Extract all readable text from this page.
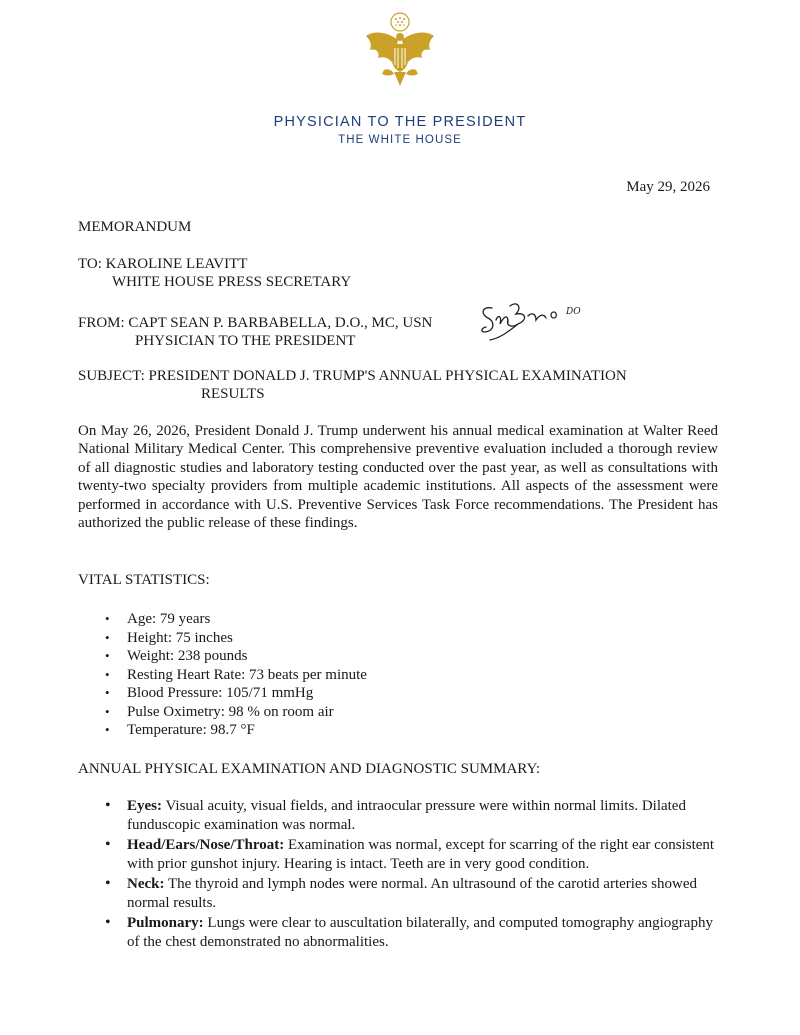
PHYSICIAN TO THE PRESIDENT
THE WHITE HOUSE
May 29, 2026
MEMORANDUM
TO: KAROLINE LEAVITT
WHITE HOUSE PRESS SECRETARY
FROM: CAPT SEAN P. BARBABELLA, D.O., MC, USN
PHYSICIAN TO THE PRESIDENT
DO
SUBJECT: PRESIDENT DONALD J. TRUMP'S ANNUAL PHYSICAL EXAMINATION
RESULTS
On May 26, 2026, President Donald J. Trump underwent his annual medical examination at Walter Reed National Military Medical Center. This comprehensive preventive evaluation included a thorough review of all diagnostic studies and laboratory testing conducted over the past year, as well as consultations with twenty-two specialty providers from multiple academic institutions. All aspects of the assessment were performed in accordance with U.S. Preventive Services Task Force recommendations. The President has authorized the public release of these findings.
VITAL STATISTICS:
• Age: 79 years
• Height: 75 inches
• Weight: 238 pounds
• Resting Heart Rate: 73 beats per minute
• Blood Pressure: 105/71 mmHg
• Pulse Oximetry: 98 % on room air
• Temperature: 98.7 °F
ANNUAL PHYSICAL EXAMINATION AND DIAGNOSTIC SUMMARY:
• Eyes: Visual acuity, visual fields, and intraocular pressure were within normal limits. Dilated funduscopic examination was normal.
• Head/Ears/Nose/Throat: Examination was normal, except for scarring of the right ear consistent with prior gunshot injury. Hearing is intact. Teeth are in very good condition.
• Neck: The thyroid and lymph nodes were normal. An ultrasound of the carotid arteries showed normal results.
• Pulmonary: Lungs were clear to auscultation bilaterally, and computed tomography angiography of the chest demonstrated no abnormalities.
